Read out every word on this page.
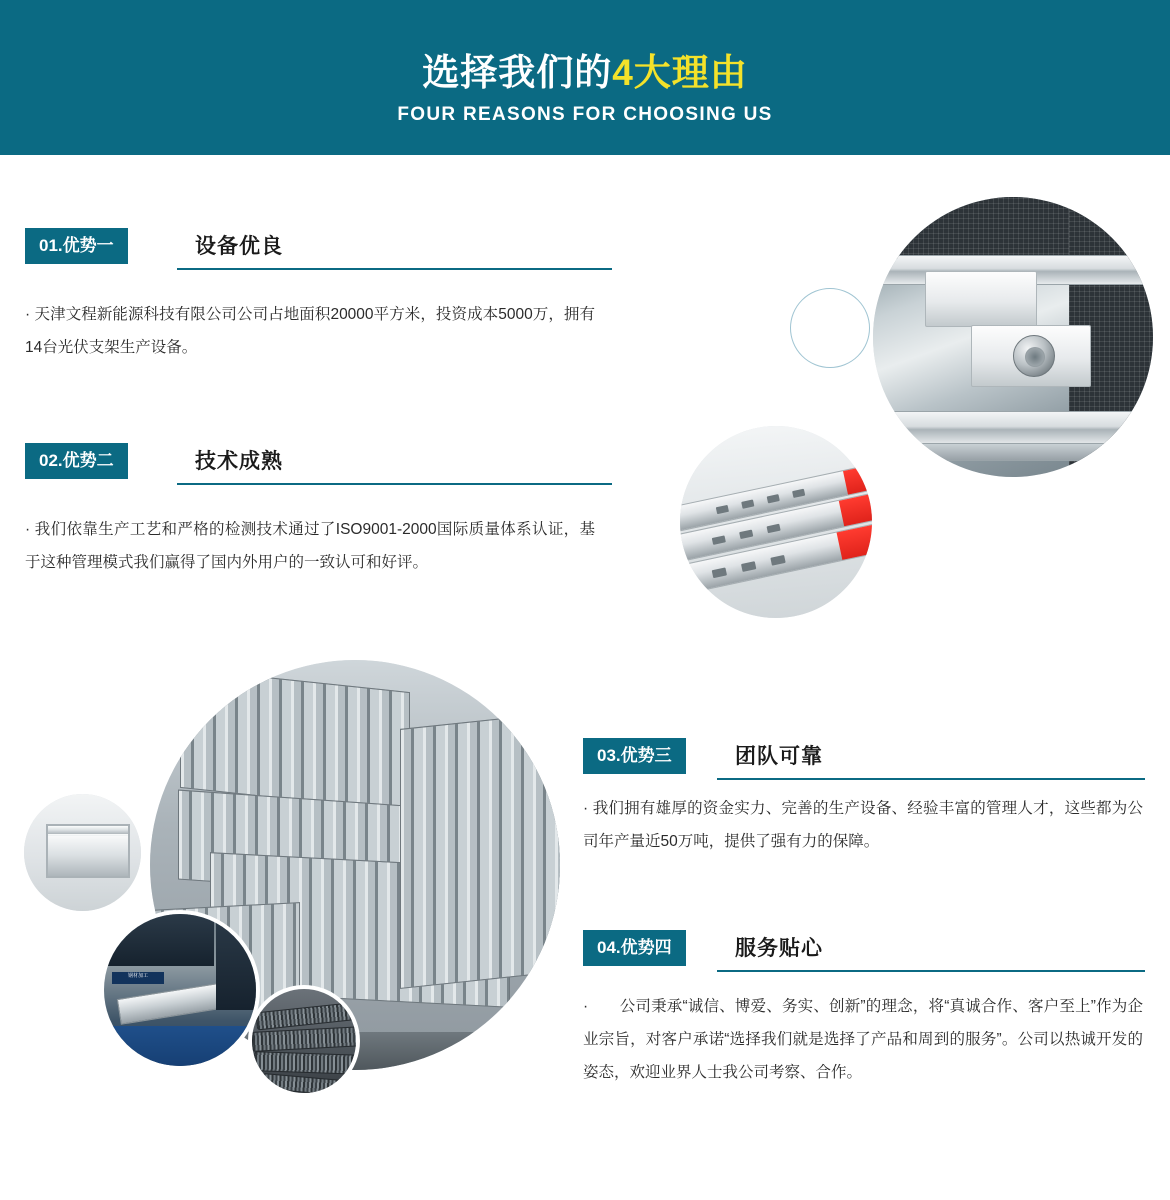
选择我们的4大理由
FOUR REASONS FOR CHOOSING US
01.优势一	设备优良
· 天津文程新能源科技有限公司公司占地面积20000平方米，投资成本5000万，拥有14台光伏支架生产设备。
02.优势二	技术成熟
· 我们依靠生产工艺和严格的检测技术通过了ISO9001-2000国际质量体系认证，基于这种管理模式我们赢得了国内外用户的一致认可和好评。
03.优势三	团队可靠
· 我们拥有雄厚的资金实力、完善的生产设备、经验丰富的管理人才，这些都为公司年产量近50万吨，提供了强有力的保障。
04.优势四	服务贴心
·　　公司秉承“诚信、博爱、务实、创新”的理念，将“真诚合作、客户至上”作为企业宗旨，对客户承诺“选择我们就是选择了产品和周到的服务”。公司以热诚开发的姿态，欢迎业界人士我公司考察、合作。
钢材加工
